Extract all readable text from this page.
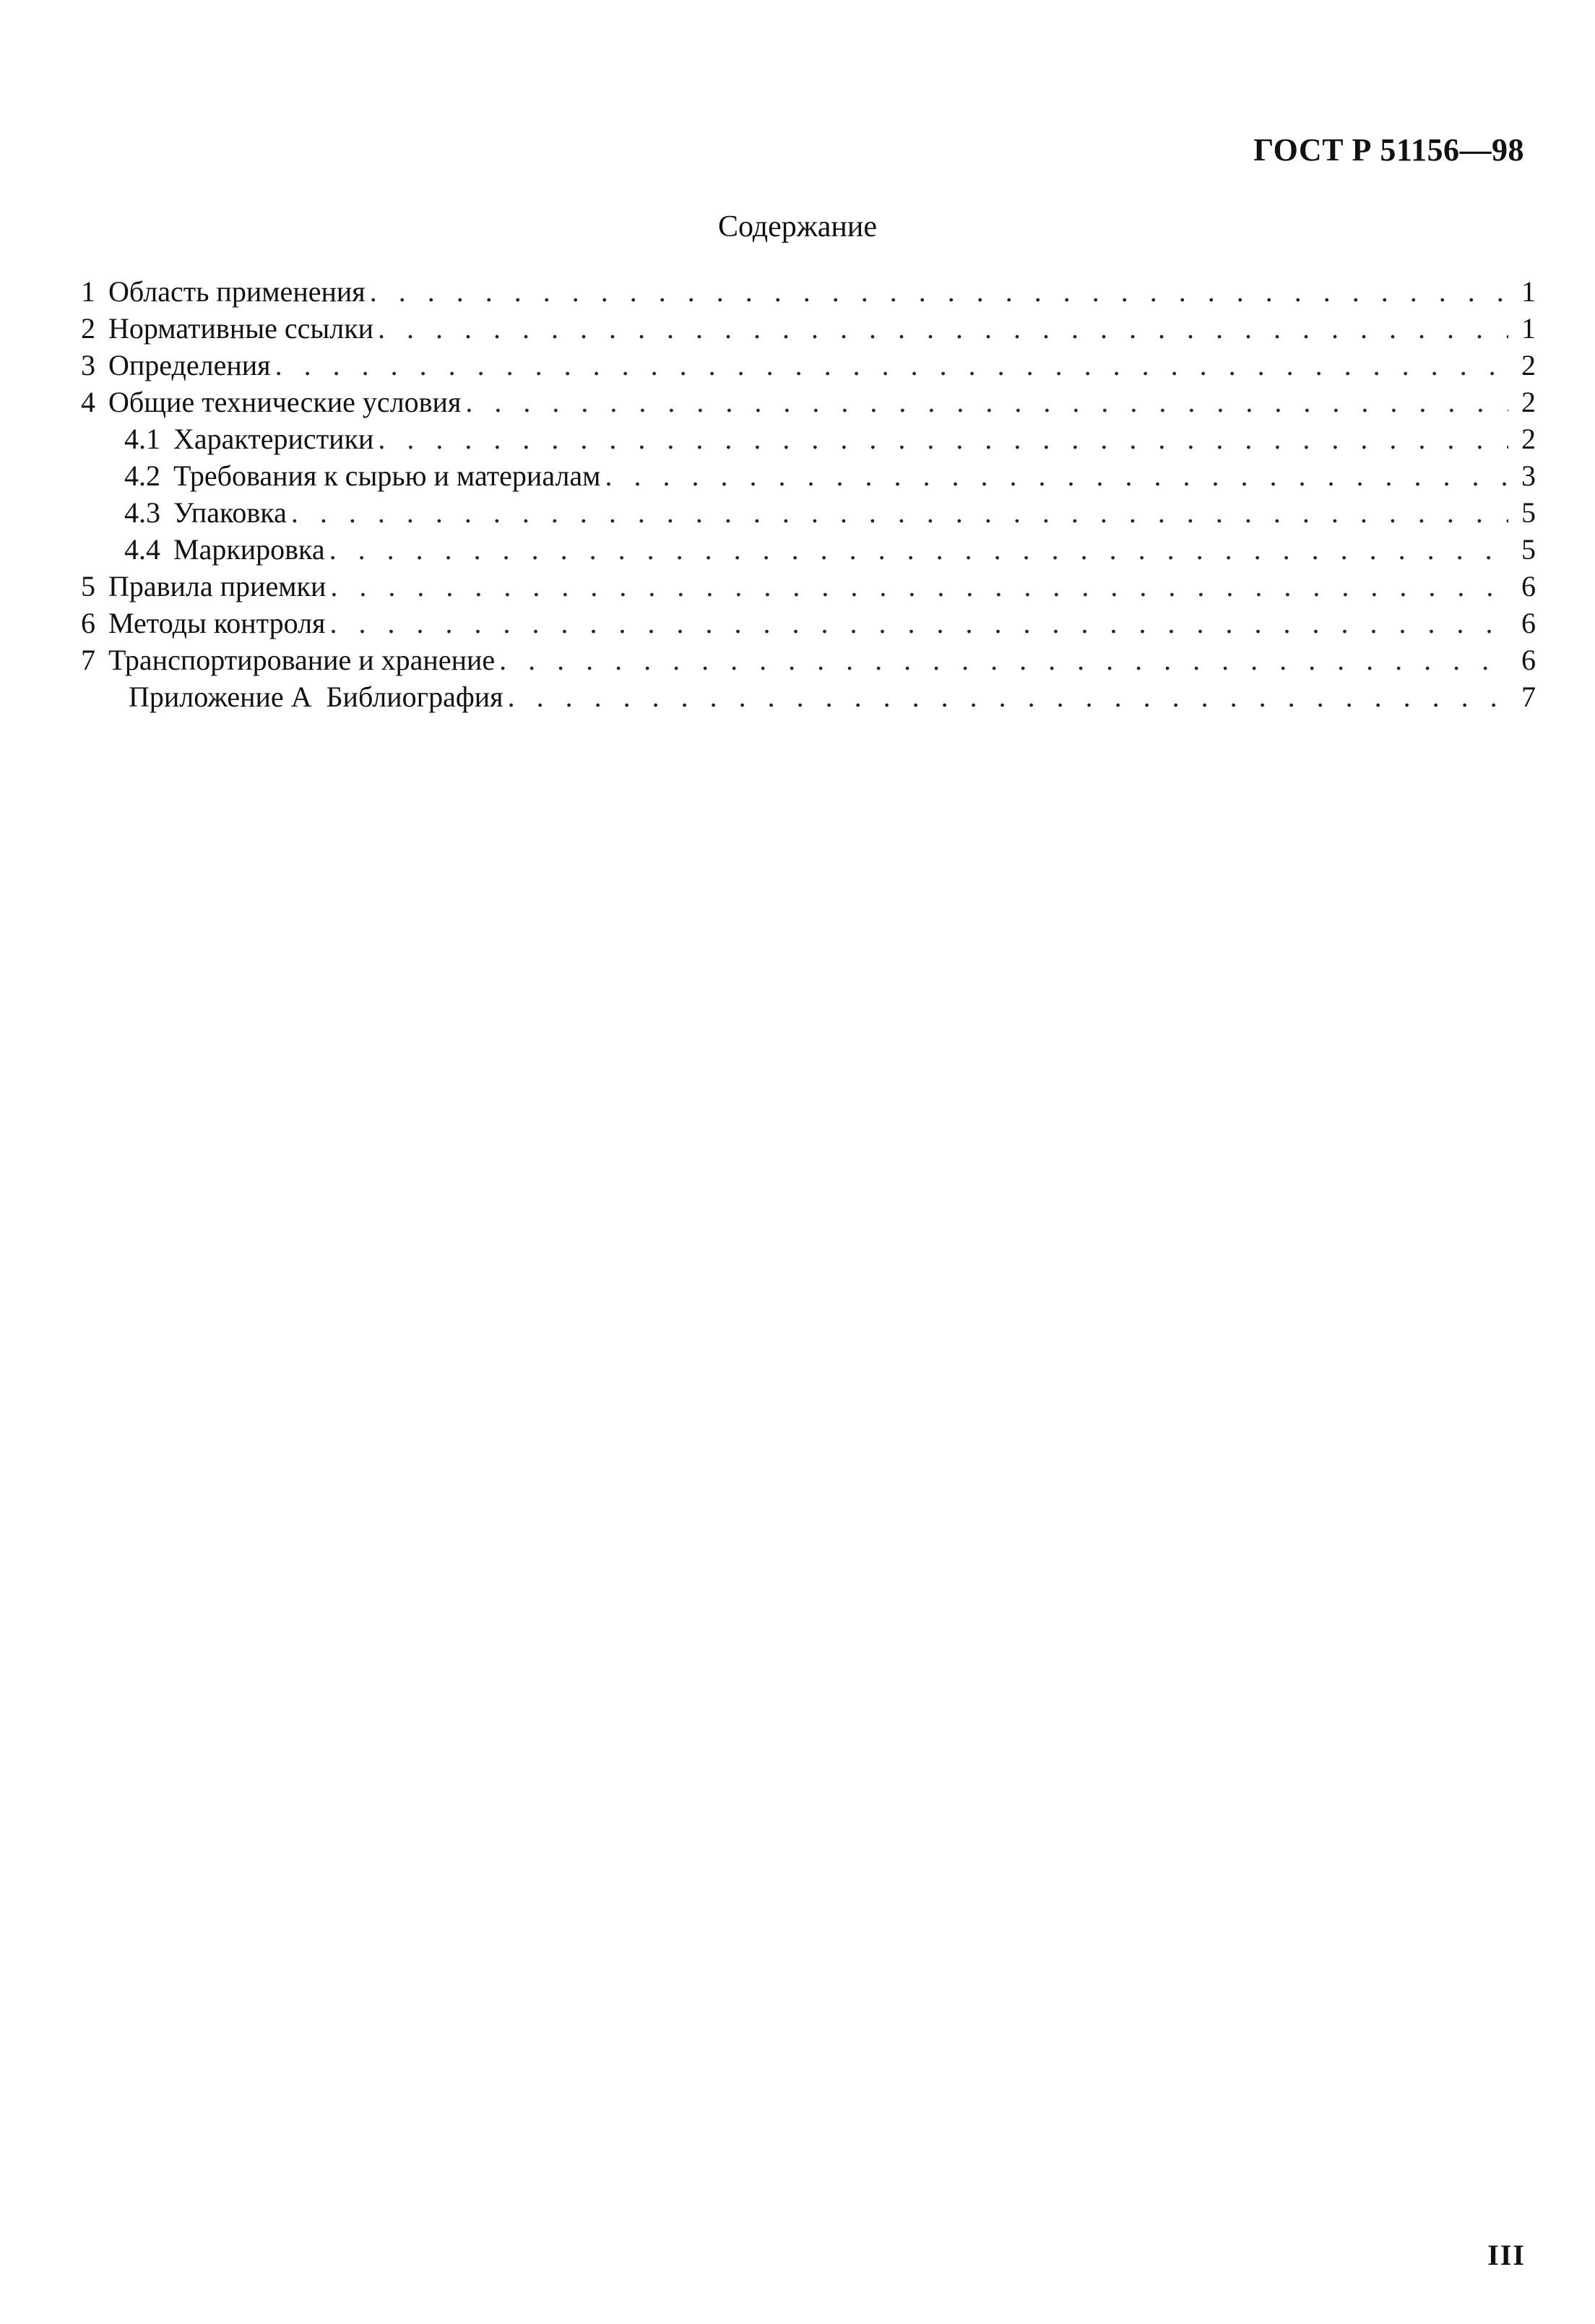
ГОСТ Р 51156—98
Содержание
1 Область применения . . .	1
2 Нормативные ссылки . . .	1
3 Определения . . .	2
4 Общие технические условия . . .	2
4.1 Характеристики . . .	2
4.2 Требования к сырью и материалам . . .	3
4.3 Упаковка . . .	5
4.4 Маркировка . . .	5
5 Правила приемки . . .	6
6 Методы контроля . . .	6
7 Транспортирование и хранение . . .	6
Приложение А  Библиография . . .	7
III
